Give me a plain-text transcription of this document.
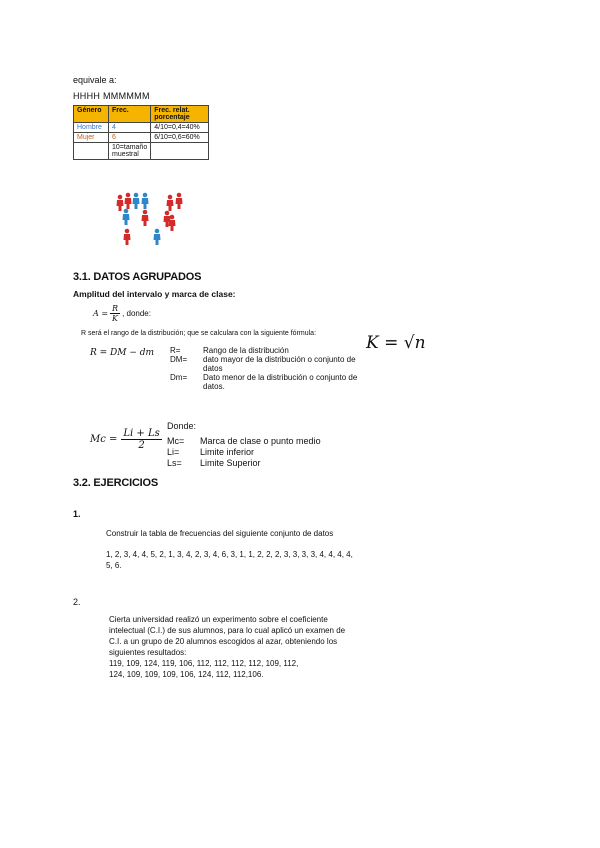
equivale a:
HHHH MMMMMM
Género	Frec.	Frec. relat. porcentaje
Hombre	4	4/10=0,4=40%
Mujer	6	6/10=0,6=60%
	10=tamaño muestral	
3.1. DATOS AGRUPADOS
Amplitud del intervalo y marca de clase:
$A = \frac{R}{K}$ , donde:
R será el rango de la distribución; que se calculara con la siguiente fórmula:
R = DM − dm R=	Rango de la distribución
DM=	dato mayor de la distribución o conjunto de datos
Dm=	Dato menor de la distribución o conjunto de datos.
K = √n
$Mc = \frac{Li + Ls}{2}$
Donde:
Mc=	Marca de clase o punto medio
Li=	Limite inferior
Ls=	Limite Superior
3.2. EJERCICIOS
1.
Construir la tabla de frecuencias del siguiente conjunto de datos
1, 2, 3, 4, 4, 5, 2, 1, 3, 4, 2, 3, 4, 6, 3, 1, 1, 2, 2, 2, 3, 3, 3, 3, 4, 4, 4, 4,
5, 6.
2.
Cierta universidad realizó un experimento sobre el coeficiente
intelectual (C.I.) de sus alumnos, para lo cual aplicó un examen de
C.I. a un grupo de 20 alumnos escogidos al azar, obteniendo los
siguientes resultados:
119, 109, 124, 119, 106, 112, 112, 112, 112, 109, 112,
124, 109, 109, 109, 106, 124, 112, 112,106.
